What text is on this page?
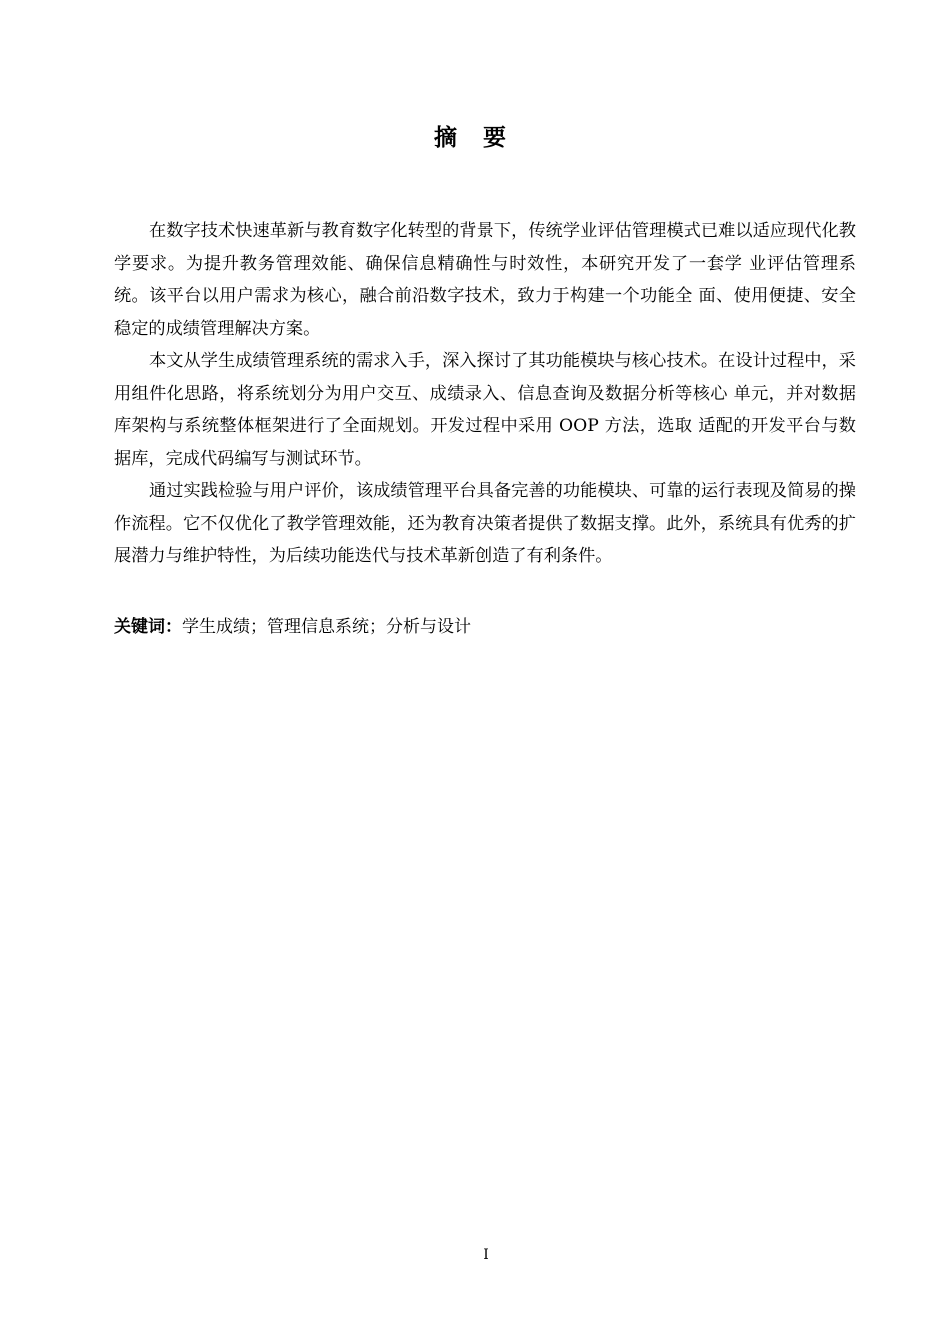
摘要

在数字技术快速革新与教育数字化转型的背景下，传统学业评估管理模式已难以适应现代化教学要求。为提升教务管理效能、确保信息精确性与时效性，本研究开发了一套学 业评估管理系统。该平台以用户需求为核心，融合前沿数字技术，致力于构建一个功能全 面、使用便捷、安全稳定的成绩管理解决方案。

本文从学生成绩管理系统的需求入手，深入探讨了其功能模块与核心技术。在设计过程中，采用组件化思路，将系统划分为用户交互、成绩录入、信息查询及数据分析等核心 单元，并对数据库架构与系统整体框架进行了全面规划。开发过程中采用 OOP 方法，选取 适配的开发平台与数据库，完成代码编写与测试环节。

通过实践检验与用户评价，该成绩管理平台具备完善的功能模块、可靠的运行表现及简易的操作流程。它不仅优化了教学管理效能，还为教育决策者提供了数据支撑。此外，系统具有优秀的扩展潜力与维护特性，为后续功能迭代与技术革新创造了有利条件。

关键词：学生成绩；管理信息系统；分析与设计
I
